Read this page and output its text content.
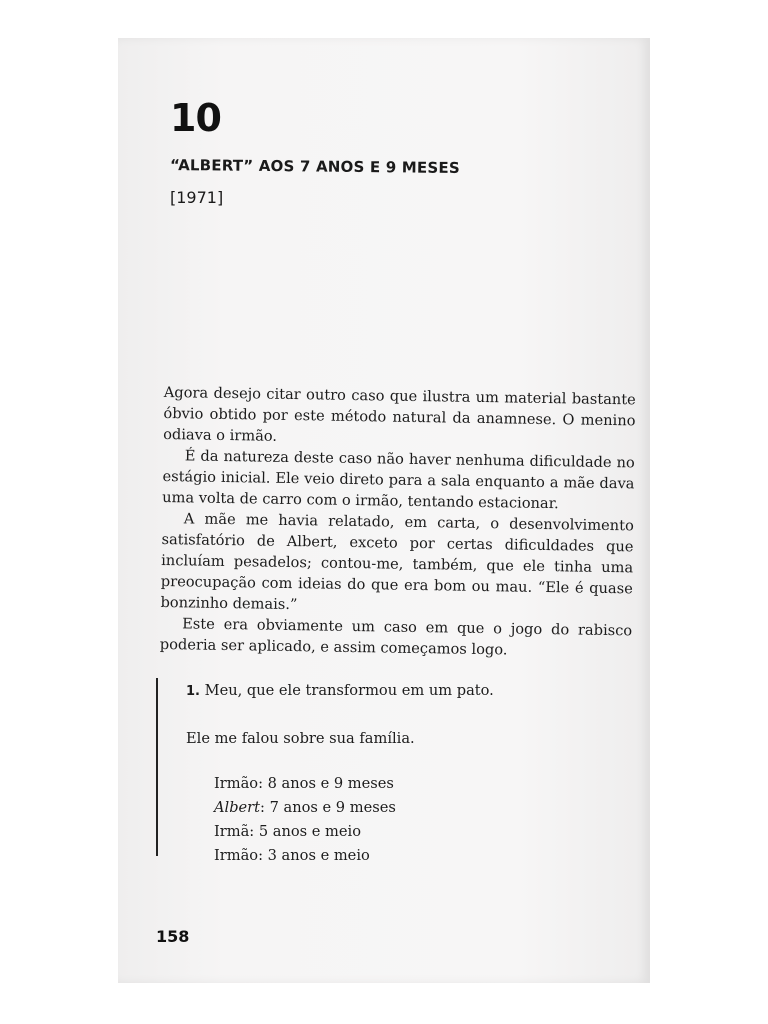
10
“ALBERT” AOS 7 ANOS E 9 MESES
[1971]

Agora desejo citar outro caso que ilustra um material bastante óbvio obtido por este método natural da anamnese. O menino odiava o irmão.

É da natureza deste caso não haver nenhuma dificuldade no estágio inicial. Ele veio direto para a sala enquanto a mãe dava uma volta de carro com o irmão, tentando estacionar.

A mãe me havia relatado, em carta, o desenvolvimento satisfatório de Albert, exceto por certas dificuldades que incluíam pesadelos; contou-me, também, que ele tinha uma preocupação com ideias do que era bom ou mau. “Ele é quase bonzinho demais.”

Este era obviamente um caso em que o jogo do rabisco poderia ser aplicado, e assim começamos logo.

1. Meu, que ele transformou em um pato.
Ele me falou sobre sua família.
Irmão: 8 anos e 9 meses
Albert: 7 anos e 9 meses
Irmã: 5 anos e meio
Irmão: 3 anos e meio
158
